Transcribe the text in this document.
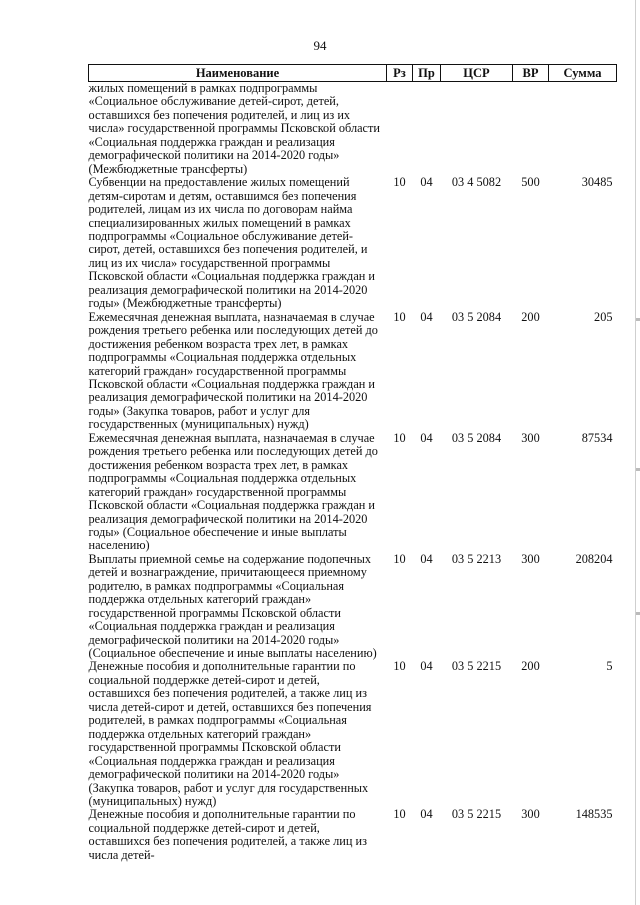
94
Наименование	Рз	Пр	ЦСР	ВР	Сумма
жилых помещений в рамках подпрограммы «Социальное обслуживание детей-сирот, детей, оставшихся без попечения родителей, и лиц из их числа» государственной программы Псковской области «Социальная поддержка граждан и реализация демографической политики на 2014-2020 годы» (Межбюджетные трансферты)					
Субвенции на предоставление жилых помещений детям-сиротам и детям, оставшимся без попечения родителей, лицам из их числа по договорам найма специализированных жилых помещений в рамках подпрограммы «Социальное обслуживание детей-сирот, детей, оставшихся без попечения родителей, и лиц из их числа» государственной программы Псковской области «Социальная поддержка граждан и реализация демографической политики на 2014-2020 годы» (Межбюджетные трансферты)	10	04	03 4 5082	500	30485
Ежемесячная денежная выплата, назначаемая в случае рождения третьего ребенка или последующих детей до достижения ребенком возраста трех лет, в рамках подпрограммы «Социальная поддержка отдельных категорий граждан» государственной программы Псковской области «Социальная поддержка граждан и реализация демографической политики на 2014-2020 годы» (Закупка товаров, работ и услуг для государственных (муниципальных) нужд)	10	04	03 5 2084	200	205
Ежемесячная денежная выплата, назначаемая в случае рождения третьего ребенка или последующих детей до достижения ребенком возраста трех лет, в рамках подпрограммы «Социальная поддержка отдельных категорий граждан» государственной программы Псковской области «Социальная поддержка граждан и реализация демографической политики на 2014-2020 годы» (Социальное обеспечение и иные выплаты населению)	10	04	03 5 2084	300	87534
Выплаты приемной семье на содержание подопечных детей и вознаграждение, причитающееся приемному родителю, в рамках подпрограммы «Социальная поддержка отдельных категорий граждан» государственной программы Псковской области «Социальная поддержка граждан и реализация демографической политики на 2014-2020 годы» (Социальное обеспечение и иные выплаты населению)	10	04	03 5 2213	300	208204
Денежные пособия и дополнительные гарантии по социальной поддержке детей-сирот и детей, оставшихся без попечения родителей, а также лиц из числа детей-сирот и детей, оставшихся без попечения родителей, в рамках подпрограммы «Социальная поддержка отдельных категорий граждан» государственной программы Псковской области «Социальная поддержка граждан и реализация демографической политики на 2014-2020 годы» (Закупка товаров, работ и услуг для государственных (муниципальных) нужд)	10	04	03 5 2215	200	5
Денежные пособия и дополнительные гарантии по социальной поддержке детей-сирот и детей, оставшихся без попечения родителей, а также лиц из числа детей-	10	04	03 5 2215	300	148535
